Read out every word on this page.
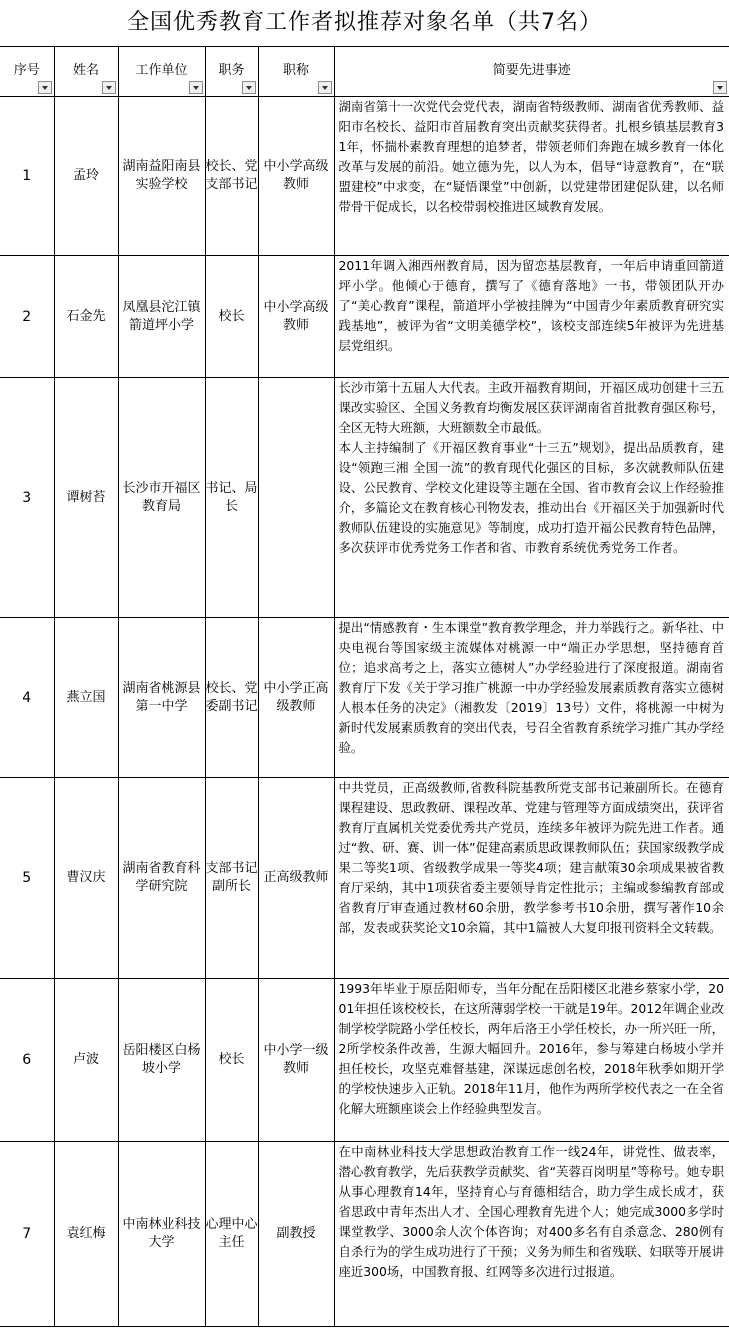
全国优秀教育工作者拟推荐对象名单（共7名）
序号	姓名	工作单位	职务	职称	简要先进事迹

1	孟玲	湖南益阳南县实验学校	校长、党支部书记	中小学高级教师	湖南省第十一次党代会党代表，湖南省特级教师、湖南省优秀教师、益阳市名校长、益阳市首届教育突出贡献奖获得者。扎根乡镇基层教育31年，怀揣朴素教育理想的追梦者，带领老师们奔跑在城乡教育一体化改革与发展的前沿。她立德为先，以人为本，倡导“诗意教育”，在“联盟建校”中求变，在“疑悟课堂”中创新，以党建带团建促队建，以名师带骨干促成长，以名校带弱校推进区域教育发展。

2	石金先	凤凰县沱江镇箭道坪小学	校长	中小学高级教师	2011年调入湘西州教育局，因为留恋基层教育，一年后申请重回箭道坪小学。他倾心于德育，撰写了《德育落地》一书，带领团队开办了“美心教育”课程，箭道坪小学被挂牌为“中国青少年素质教育研究实践基地”，被评为省“文明美德学校”，该校支部连续5年被评为先进基层党组织。

3	谭树苔	长沙市开福区教育局	书记、局长		长沙市第十五届人大代表。主政开福教育期间，开福区成功创建十三五课改实验区、全国义务教育均衡发展区获评湖南省首批教育强区称号，全区无特大班额，大班额数全市最低。
本人主持编制了《开福区教育事业“十三五”规划》，提出品质教育，建设“领跑三湘 全国一流”的教育现代化强区的目标，多次就教师队伍建设、公民教育、学校文化建设等主题在全国、省市教育会议上作经验推介，多篇论文在教育核心刊物发表，推动出台《开福区关于加强新时代教师队伍建设的实施意见》等制度，成功打造开福公民教育特色品牌，多次获评市优秀党务工作者和省、市教育系统优秀党务工作者。

4	燕立国	湖南省桃源县第一中学	校长、党委副书记	中小学正高级教师	提出“情感教育・生本课堂”教育教学理念，并力举践行之。新华社、中央电视台等国家级主流媒体对桃源一中“端正办学思想，坚持德育首位；追求高考之上，落实立德树人”办学经验进行了深度报道。湖南省教育厅下发《关于学习推广桃源一中办学经验发展素质教育落实立德树人根本任务的决定》（湘教发〔2019〕13号）文件，将桃源一中树为新时代发展素质教育的突出代表，号召全省教育系统学习推广其办学经验。

5	曹汉庆	湖南省教育科学研究院	支部书记副所长	正高级教师	中共党员，正高级教师,省教科院基教所党支部书记兼副所长。在德育课程建设、思政教研、课程改革、党建与管理等方面成绩突出，获评省教育厅直属机关党委优秀共产党员，连续多年被评为院先进工作者。通过“教、研、赛、训一体”促建高素质思政课教师队伍；获国家级教学成果二等奖1项、省级教学成果一等奖4项；建言献策30余项成果被省教育厅采纳，其中1项获省委主要领导肯定性批示；主编或参编教育部或省教育厅审查通过教材60余册，教学参考书10余册，撰写著作10余部，发表或获奖论文10余篇，其中1篇被人大复印报刊资料全文转载。

6	卢波	岳阳楼区白杨坡小学	校长	中小学一级教师	1993年毕业于原岳阳师专，当年分配在岳阳楼区北港乡蔡家小学，2001年担任该校校长，在这所薄弱学校一干就是19年。2012年调企业改制学校学院路小学任校长，两年后洛王小学任校长，办一所兴旺一所，2所学校条件改善，生源大幅回升。2016年，参与筹建白杨坡小学并担任校长，攻坚克难督基建，深谋远虑创名校，2018年秋季如期开学的学校快速步入正轨。2018年11月，他作为两所学校代表之一在全省化解大班额座谈会上作经验典型发言。

7	袁红梅	中南林业科技大学	心理中心主任	副教授	在中南林业科技大学思想政治教育工作一线24年，讲党性、做表率，潜心教育教学，先后获教学贡献奖、省“芙蓉百岗明星”等称号。她专职从事心理教育14年，坚持育心与育德相结合，助力学生成长成才，获省思政中青年杰出人才、全国心理教育先进个人；她完成3000多学时课堂教学、3000余人次个体咨询；对400多名有自杀意念、280例有自杀行为的学生成功进行了干预；义务为师生和省残联、妇联等开展讲座近300场，中国教育报、红网等多次进行过报道。
